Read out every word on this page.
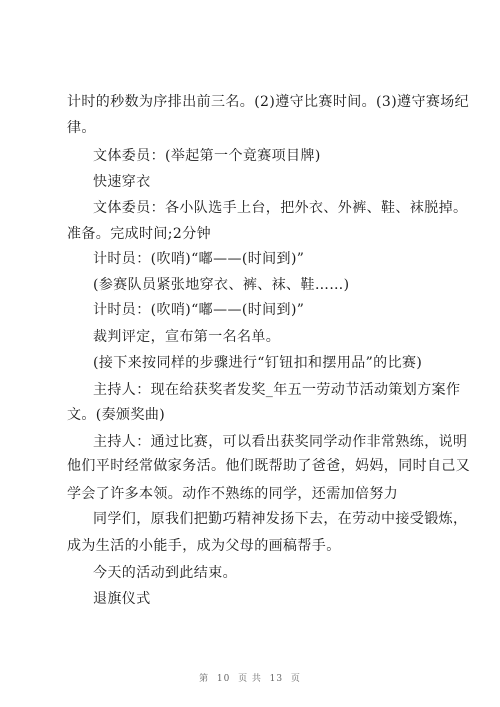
计时的秒数为序排出前三名。(2)遵守比赛时间。(3)遵守赛场纪
律。
文体委员：(举起第一个竟赛项目牌)
快速穿衣
文体委员：各小队选手上台，把外衣、外裤、鞋、袜脱掉。
准备。完成时间;2分钟
计时员：(吹哨)“嘟——(时间到)”
(参赛队员紧张地穿衣、裤、袜、鞋……)
计时员：(吹哨)“嘟——(时间到)”
裁判评定，宣布第一名名单。
(接下来按同样的步骤进行“钉钮扣和摆用品”的比赛)
主持人：现在给获奖者发奖_年五一劳动节活动策划方案作
文。(奏颁奖曲)
主持人：通过比赛，可以看出获奖同学动作非常熟练，说明
他们平时经常做家务活。他们既帮助了爸爸，妈妈，同时自己又
学会了许多本领。动作不熟练的同学，还需加倍努力
同学们，原我们把勤巧精神发扬下去，在劳动中接受锻炼，
成为生活的小能手，成为父母的画稿帮手。
今天的活动到此结束。
退旗仪式
第  10  页 共  13  页
